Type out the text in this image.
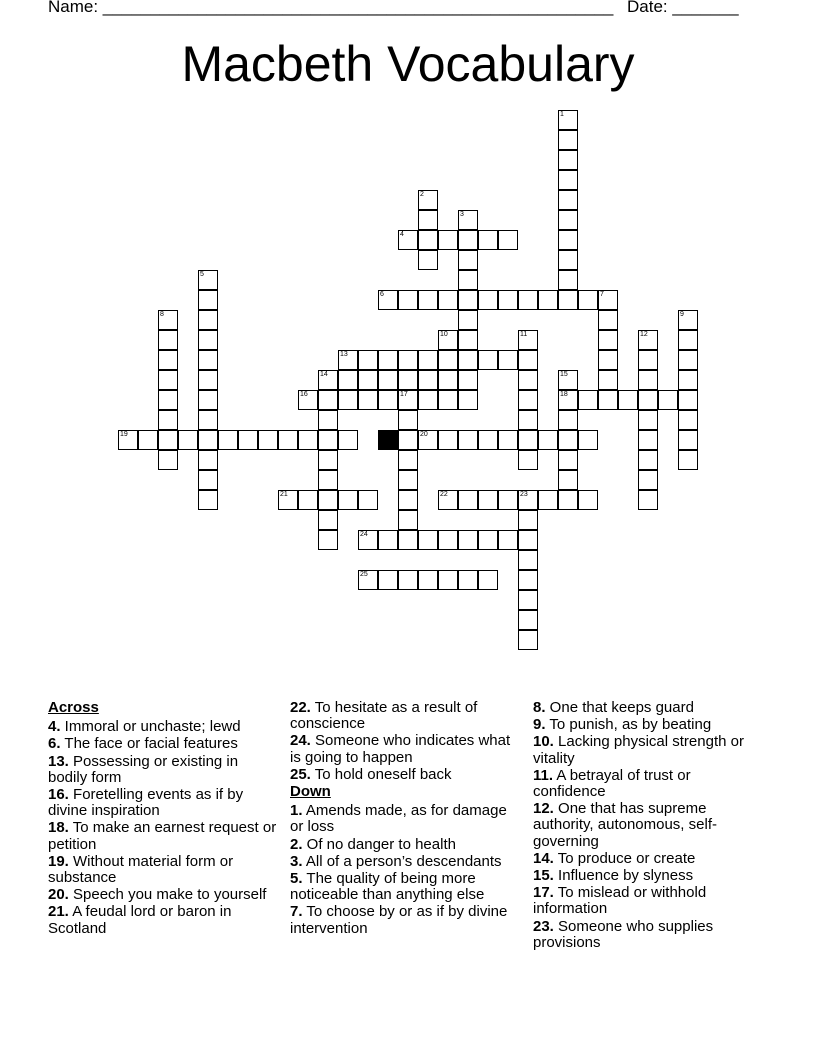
Name: ______________________________________________________ Date: _______
Macbeth Vocabulary
1
2
3
4
5
6	7
8	9
10	11	12
13
14	15
18
16	17
19	20
21	22	23
24
25
Across
4. Immoral or unchaste; lewd
6. The face or facial features
13. Possessing or existing in bodily form
16. Foretelling events as if by divine inspiration
18. To make an earnest request or petition
19. Without material form or substance
20. Speech you make to yourself
21. A feudal lord or baron in Scotland
22. To hesitate as a result of conscience
24. Someone who indicates what is going to happen
25. To hold oneself back
Down
1. Amends made, as for damage or loss
2. Of no danger to health
3. All of a person’s descendants
5. The quality of being more noticeable than anything else
7. To choose by or as if by divine intervention
8. One that keeps guard
9. To punish, as by beating
10. Lacking physical strength or vitality
11. A betrayal of trust or confidence
12. One that has supreme authority, autonomous, self-governing
14. To produce or create
15. Influence by slyness
17. To mislead or withhold information
23. Someone who supplies provisions
